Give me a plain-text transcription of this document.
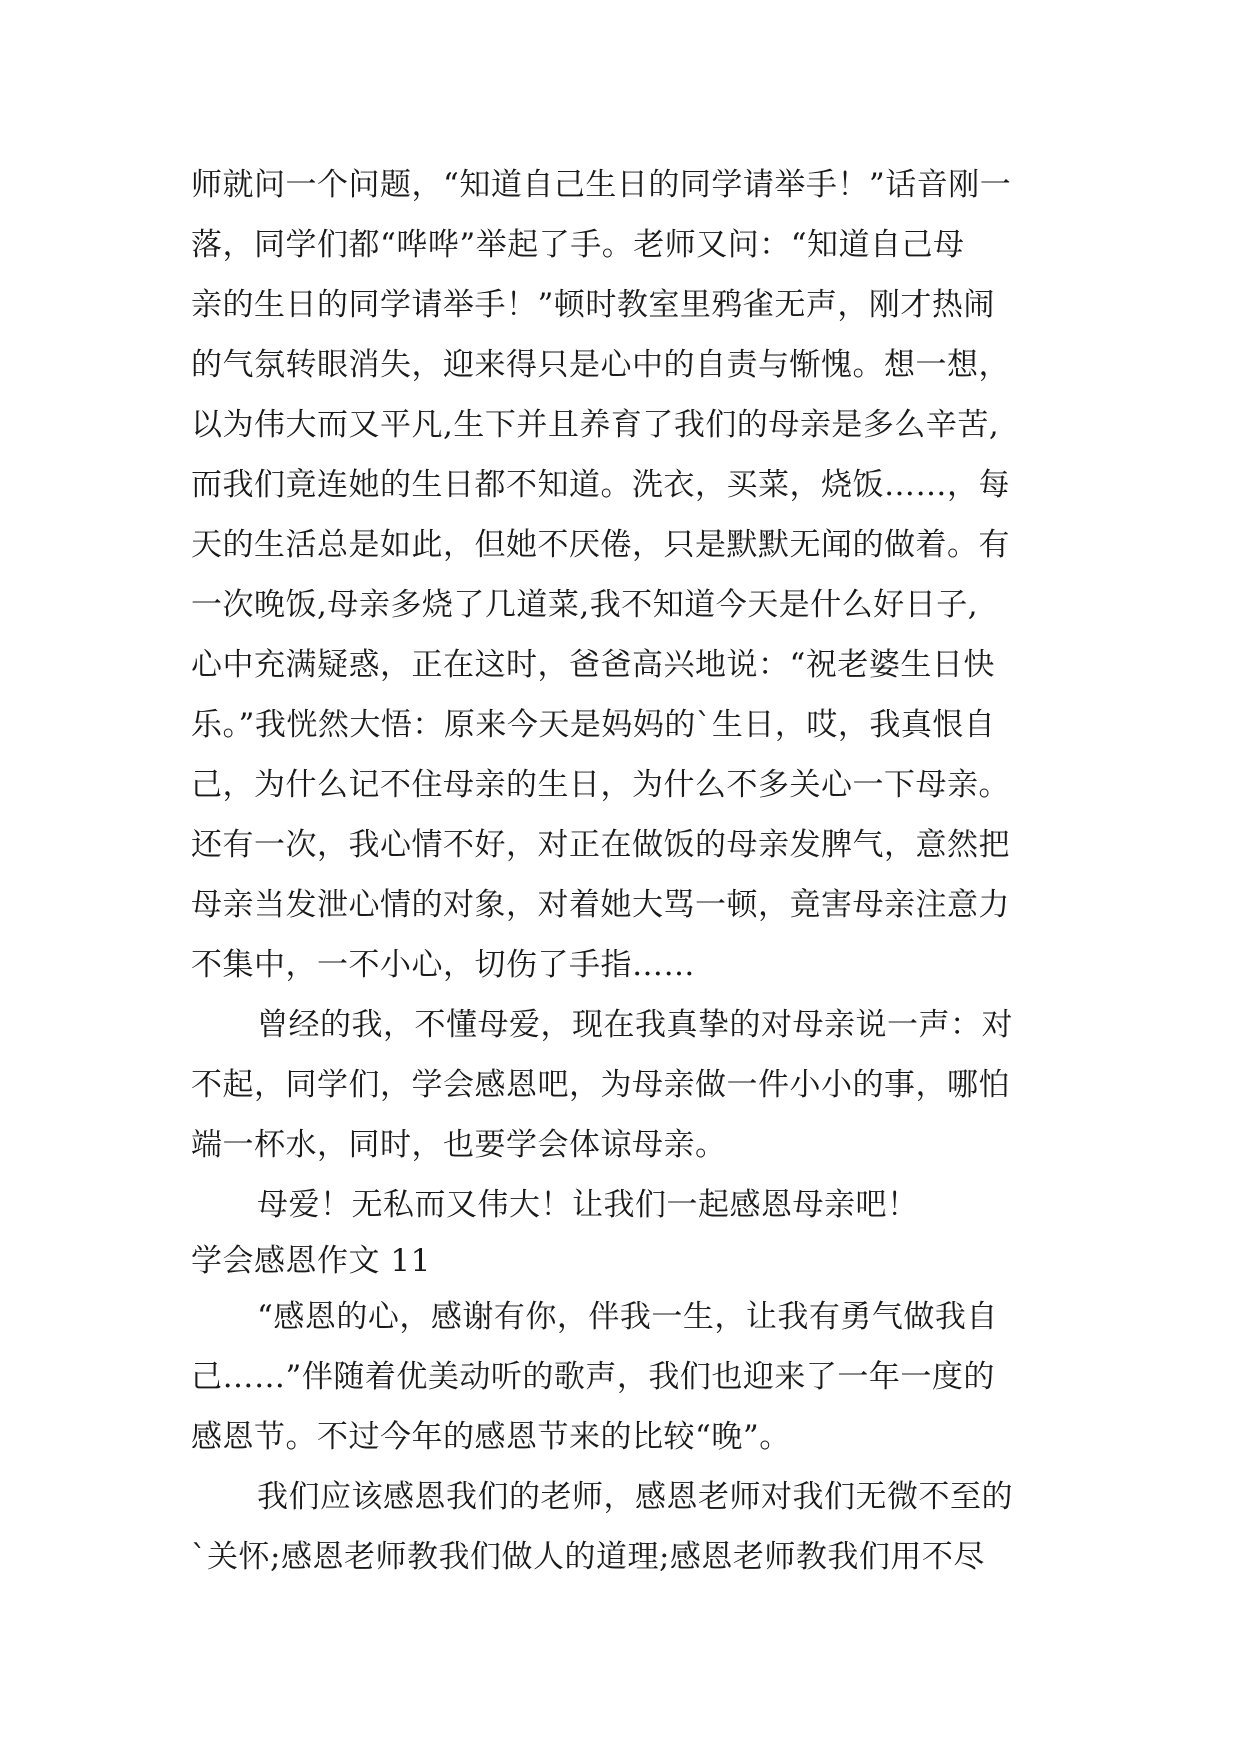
师就问一个问题，“知道自己生日的同学请举手！”话音刚一
落，同学们都“哗哗”举起了手。老师又问：“知道自己母
亲的生日的同学请举手！”顿时教室里鸦雀无声，刚才热闹
的气氛转眼消失，迎来得只是心中的自责与惭愧。想一想，
以为伟大而又平凡,生下并且养育了我们的母亲是多么辛苦,
而我们竟连她的生日都不知道。洗衣，买菜，烧饭……，每
天的生活总是如此，但她不厌倦，只是默默无闻的做着。有
一次晚饭,母亲多烧了几道菜,我不知道今天是什么好日子,
心中充满疑惑，正在这时，爸爸高兴地说：“祝老婆生日快
乐。”我恍然大悟：原来今天是妈妈的`生日，哎，我真恨自
己，为什么记不住母亲的生日，为什么不多关心一下母亲。
还有一次，我心情不好，对正在做饭的母亲发脾气，意然把
母亲当发泄心情的对象，对着她大骂一顿，竟害母亲注意力
不集中，一不小心，切伤了手指……
曾经的我，不懂母爱，现在我真挚的对母亲说一声：对
不起，同学们，学会感恩吧，为母亲做一件小小的事，哪怕
端一杯水，同时，也要学会体谅母亲。
母爱！无私而又伟大！让我们一起感恩母亲吧！
学会感恩作文 11
“感恩的心，感谢有你，伴我一生，让我有勇气做我自
己……”伴随着优美动听的歌声，我们也迎来了一年一度的
感恩节。不过今年的感恩节来的比较“晚”。
我们应该感恩我们的老师，感恩老师对我们无微不至的
`关怀;感恩老师教我们做人的道理;感恩老师教我们用不尽
